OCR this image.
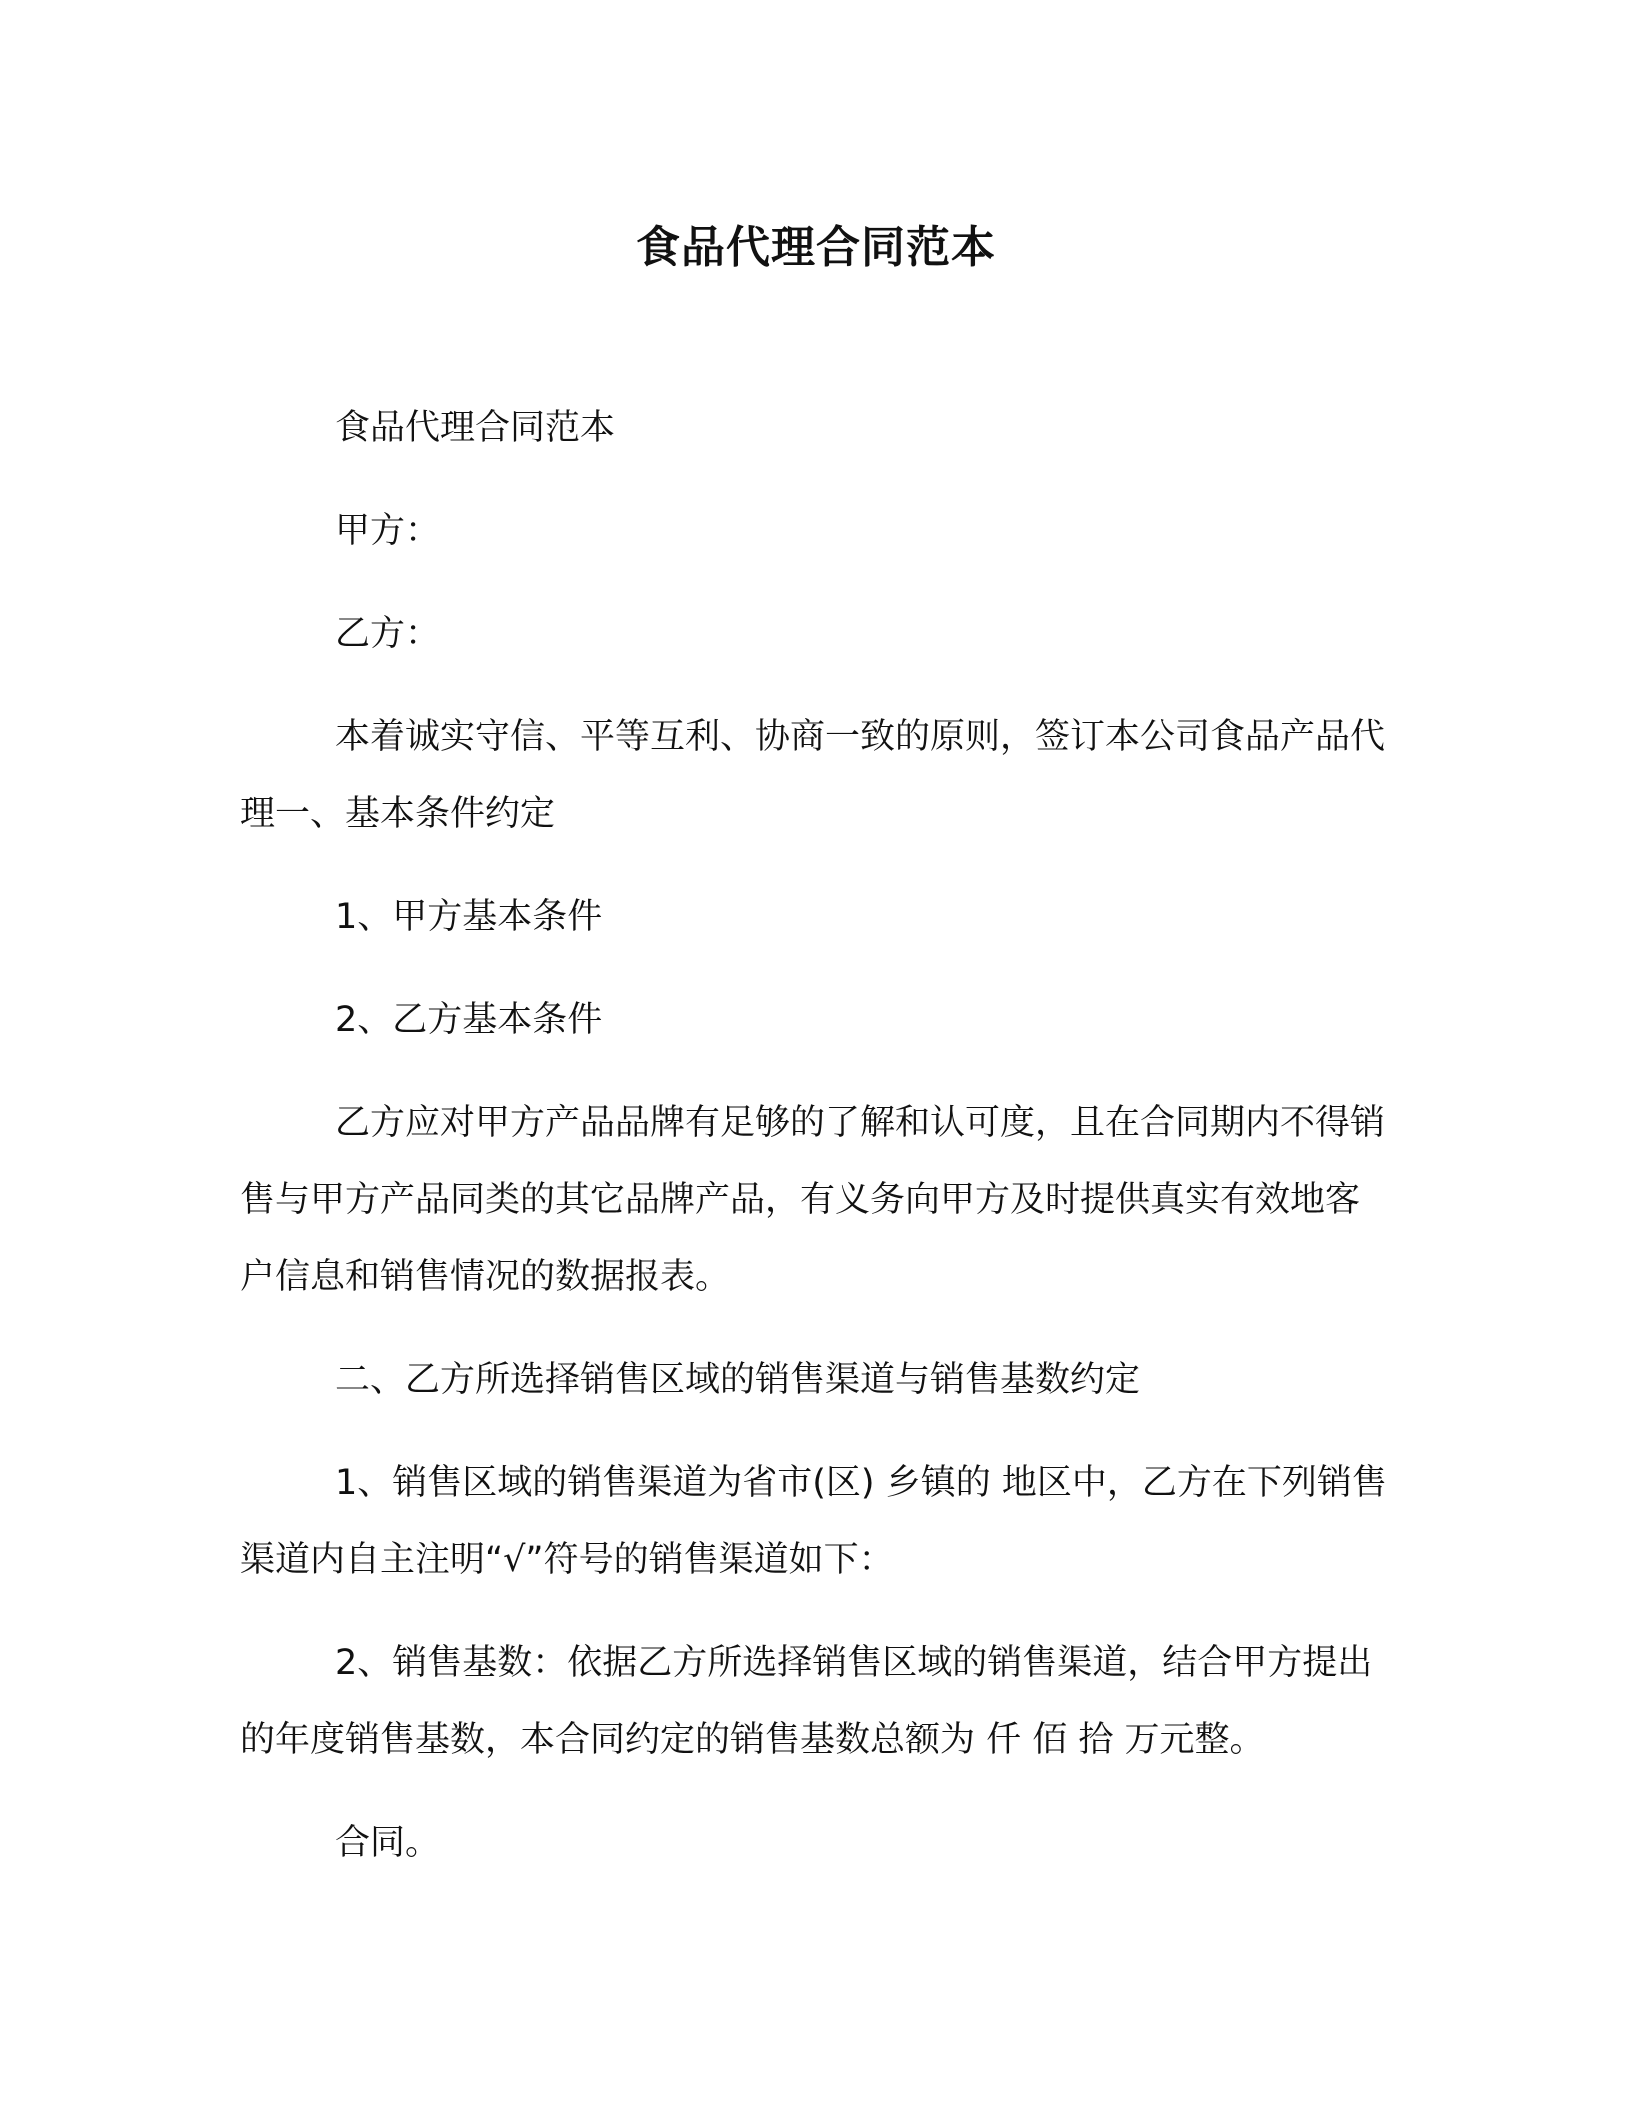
食品代理合同范本

食品代理合同范本

甲方：

乙方：

本着诚实守信、平等互利、协商一致的原则，签订本公司食品产品代理一、基本条件约定

1、甲方基本条件

2、乙方基本条件

乙方应对甲方产品品牌有足够的了解和认可度，且在合同期内不得销售与甲方产品同类的其它品牌产品，有义务向甲方及时提供真实有效地客户信息和销售情况的数据报表。

二、乙方所选择销售区域的销售渠道与销售基数约定

1、销售区域的销售渠道为省市(区) 乡镇的 地区中，乙方在下列销售渠道内自主注明“√”符号的销售渠道如下：

2、销售基数：依据乙方所选择销售区域的销售渠道，结合甲方提出的年度销售基数，本合同约定的销售基数总额为 仟 佰 拾 万元整。

合同。
